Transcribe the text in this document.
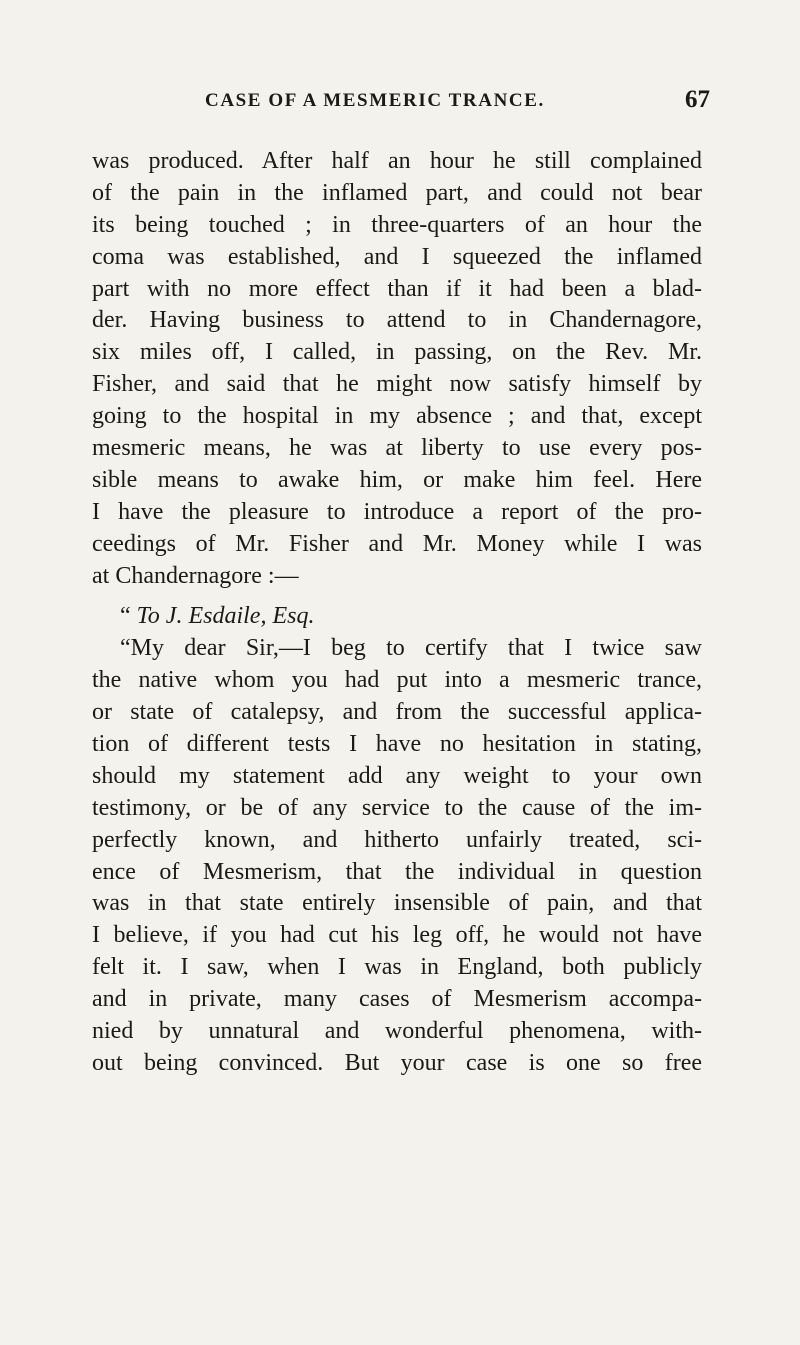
CASE OF A MESMERIC TRANCE.	67
was produced. After half an hour he still complained
of the pain in the inflamed part, and could not bear
its being touched ; in three-quarters of an hour the
coma was established, and I squeezed the inflamed
part with no more effect than if it had been a blad-
der. Having business to attend to in Chandernagore,
six miles off, I called, in passing, on the Rev. Mr.
Fisher, and said that he might now satisfy himself by
going to the hospital in my absence ; and that, except
mesmeric means, he was at liberty to use every pos-
sible means to awake him, or make him feel. Here
I have the pleasure to introduce a report of the pro-
ceedings of Mr. Fisher and Mr. Money while I was
at Chandernagore :—
“ To J. Esdaile, Esq.
“My dear Sir,—I beg to certify that I twice saw
the native whom you had put into a mesmeric trance,
or state of catalepsy, and from the successful applica-
tion of different tests I have no hesitation in stating,
should my statement add any weight to your own
testimony, or be of any service to the cause of the im-
perfectly known, and hitherto unfairly treated, sci-
ence of Mesmerism, that the individual in question
was in that state entirely insensible of pain, and that
I believe, if you had cut his leg off, he would not have
felt it. I saw, when I was in England, both publicly
and in private, many cases of Mesmerism accompa-
nied by unnatural and wonderful phenomena, with-
out being convinced. But your case is one so free
